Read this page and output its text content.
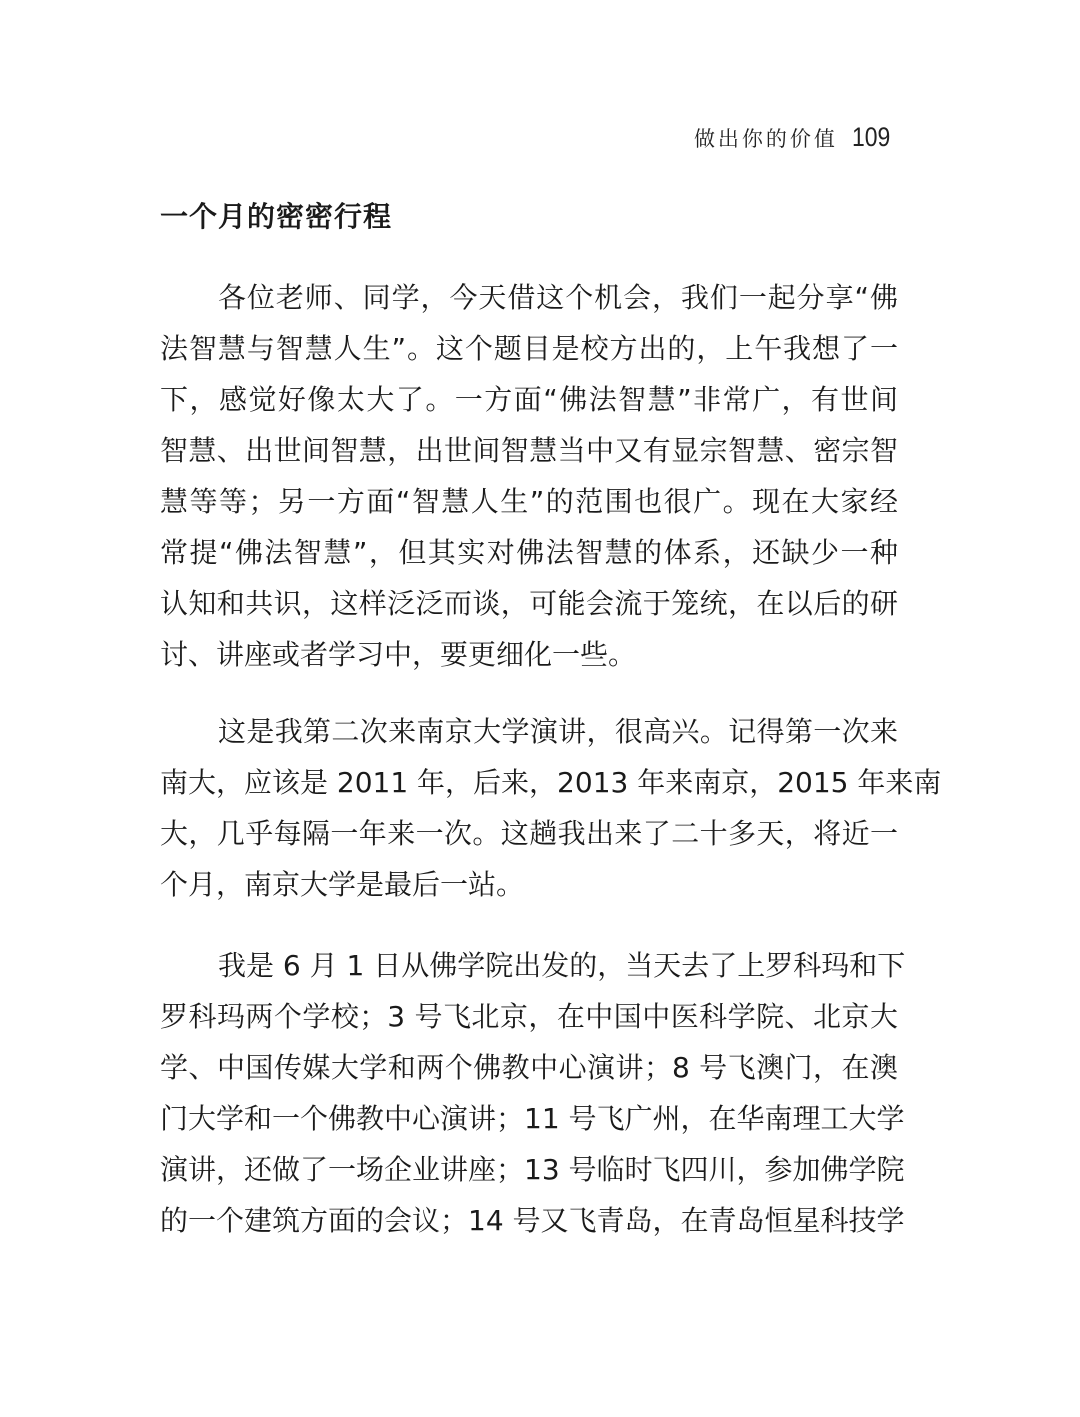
做出你的价值 109
一个月的密密行程
各位老师、同学，今天借这个机会，我们一起分享“佛
法智慧与智慧人生”。这个题目是校方出的，上午我想了一
下，感觉好像太大了。一方面“佛法智慧”非常广，有世间
智慧、出世间智慧，出世间智慧当中又有显宗智慧、密宗智
慧等等；另一方面“智慧人生”的范围也很广。现在大家经
常提“佛法智慧”，但其实对佛法智慧的体系，还缺少一种
认知和共识，这样泛泛而谈，可能会流于笼统，在以后的研
讨、讲座或者学习中，要更细化一些。
这是我第二次来南京大学演讲，很高兴。记得第一次来
南大，应该是 2011 年，后来，2013 年来南京，2015 年来南
大，几乎每隔一年来一次。这趟我出来了二十多天，将近一
个月，南京大学是最后一站。
我是 6 月 1 日从佛学院出发的，当天去了上罗科玛和下
罗科玛两个学校；3 号飞北京，在中国中医科学院、北京大
学、中国传媒大学和两个佛教中心演讲；8 号飞澳门，在澳
门大学和一个佛教中心演讲；11 号飞广州，在华南理工大学
演讲，还做了一场企业讲座；13 号临时飞四川，参加佛学院
的一个建筑方面的会议；14 号又飞青岛，在青岛恒星科技学
